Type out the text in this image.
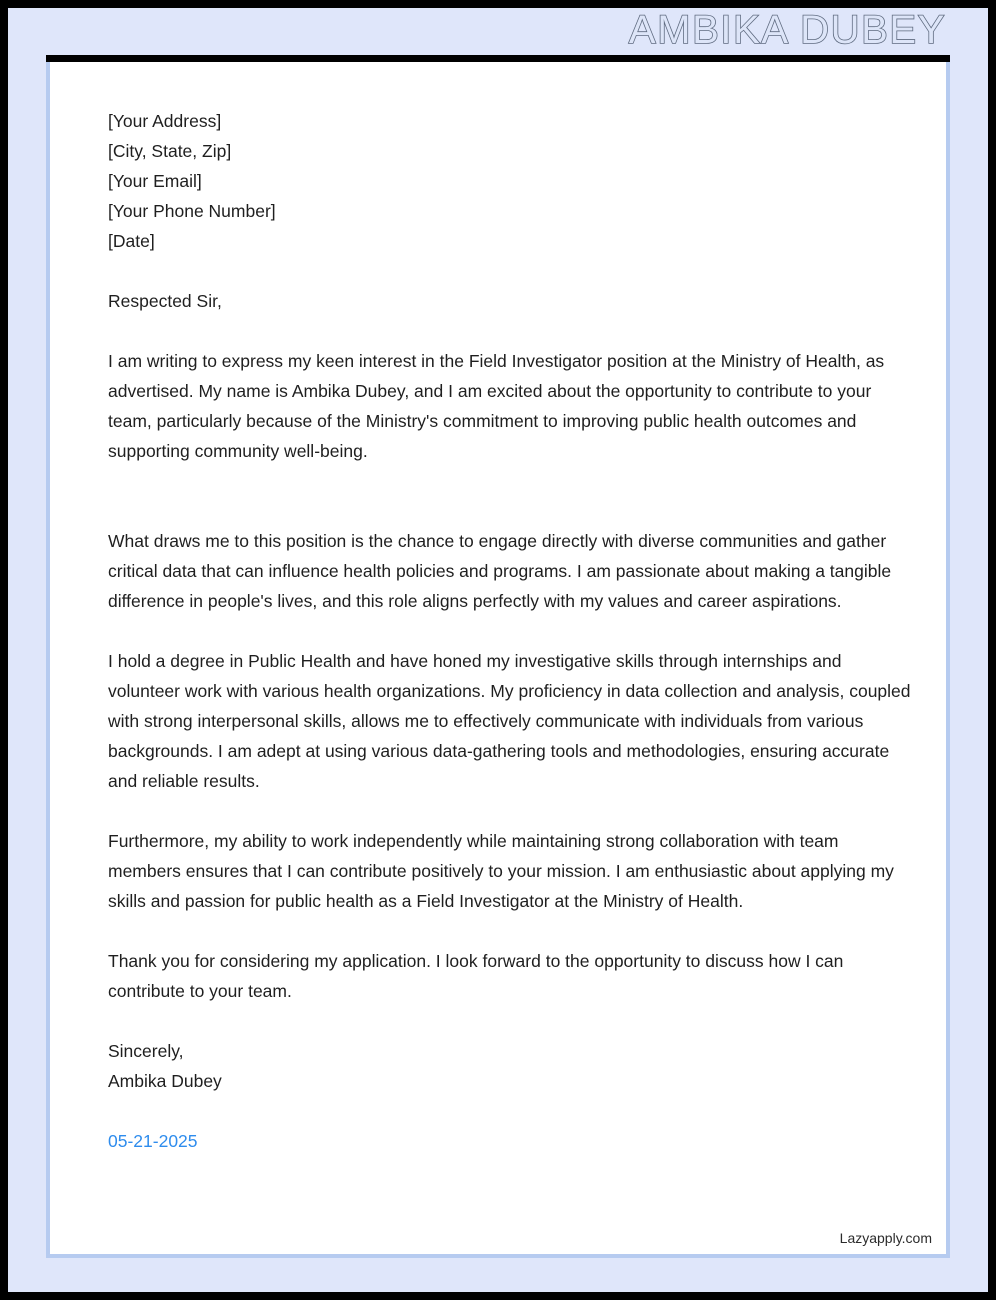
AMBIKA DUBEY
[Your Address]
[City, State, Zip]
[Your Email]
[Your Phone Number]
[Date]
Respected Sir,

I am writing to express my keen interest in the Field Investigator position at the Ministry of Health, as advertised. My name is Ambika Dubey, and I am excited about the opportunity to contribute to your team, particularly because of the Ministry's commitment to improving public health outcomes and supporting community well-being.

What draws me to this position is the chance to engage directly with diverse communities and gather critical data that can influence health policies and programs. I am passionate about making a tangible difference in people's lives, and this role aligns perfectly with my values and career aspirations.

I hold a degree in Public Health and have honed my investigative skills through internships and volunteer work with various health organizations. My proficiency in data collection and analysis, coupled with strong interpersonal skills, allows me to effectively communicate with individuals from various backgrounds. I am adept at using various data-gathering tools and methodologies, ensuring accurate and reliable results.

Furthermore, my ability to work independently while maintaining strong collaboration with team members ensures that I can contribute positively to your mission. I am enthusiastic about applying my skills and passion for public health as a Field Investigator at the Ministry of Health.

Thank you for considering my application. I look forward to the opportunity to discuss how I can contribute to your team.

Sincerely,
Ambika Dubey
05-21-2025
Lazyapply.com
